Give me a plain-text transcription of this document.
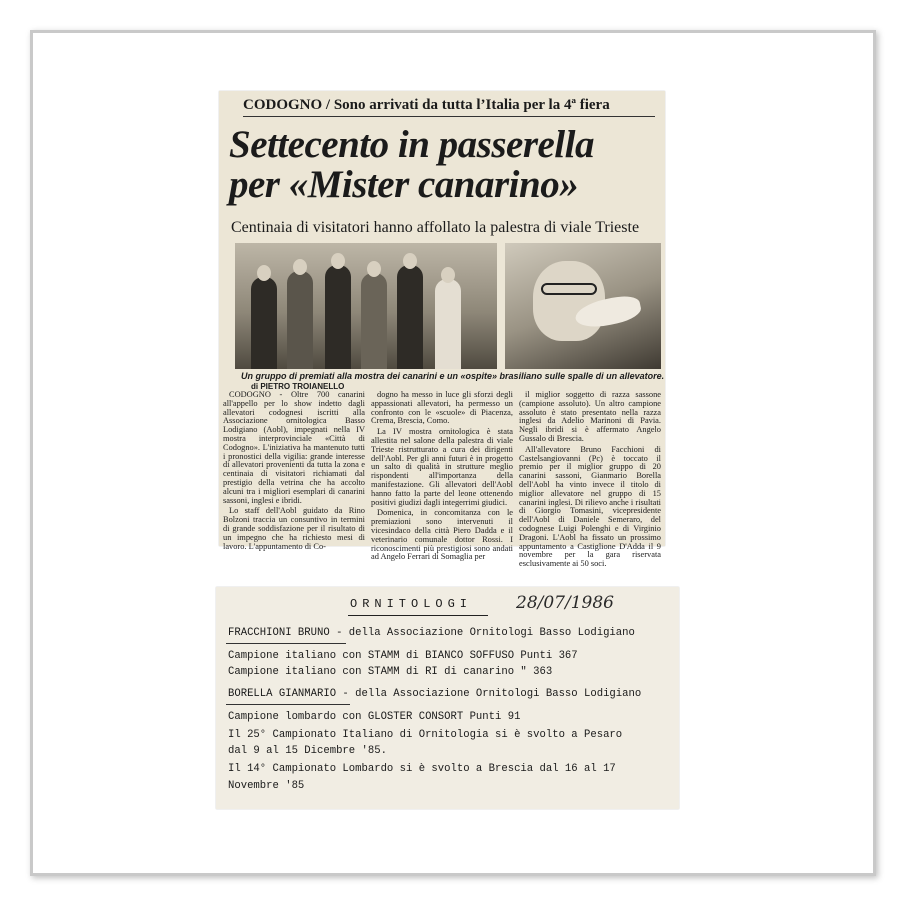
CODOGNO / Sono arrivati da tutta l’Italia per la 4ª fiera
Settecento in passerella
per «Mister canarino»
Centinaia di visitatori hanno affollato la palestra di viale Trieste
Un gruppo di premiati alla mostra dei canarini e un «ospite» brasiliano sulle spalle di un allevatore.
di PIETRO TROIANELLO

CODOGNO - Oltre 700 canarini all'appello per lo show indetto dagli allevatori codognesi iscritti alla Associazione ornitologica Basso Lodigiano (Aobl), impegnati nella IV mostra interprovinciale «Città di Codogno». L'iniziativa ha mantenuto tutti i pronostici della vigilia: grande interesse di allevatori provenienti da tutta la zona e centinaia di visitatori richiamati dal prestigio della vetrina che ha accolto alcuni tra i migliori esemplari di canarini sassoni, inglesi e ibridi.

Lo staff dell'Aobl guidato da Rino Bolzoni traccia un consuntivo in termini di grande soddisfazione per il risultato di un impegno che ha richiesto mesi di lavoro. L'appuntamento di Co-

dogno ha messo in luce gli sforzi degli appassionati allevatori, ha permesso un confronto con le «scuole» di Piacenza, Crema, Brescia, Como.

La IV mostra ornitologica è stata allestita nel salone della palestra di viale Trieste ristrutturato a cura dei dirigenti dell'Aobl. Per gli anni futuri è in progetto un salto di qualità in strutture meglio rispondenti all'importanza della manifestazione. Gli allevatori dell'Aobl hanno fatto la parte del leone ottenendo positivi giudizi dagli integerrimi giudici.

Domenica, in concomitanza con le premiazioni sono intervenuti il vicesindaco della città Piero Dadda e il veterinario comunale dottor Rossi. I riconoscimenti più prestigiosi sono andati ad Angelo Ferrari di Somaglia per

il miglior soggetto di razza sassone (campione assoluto). Un altro campione assoluto è stato presentato nella razza inglesi da Adelio Marinoni di Pavia. Negli ibridi si è affermato Angelo Gussalo di Brescia.

All'allevatore Bruno Facchioni di Castelsangiovanni (Pc) è toccato il premio per il miglior gruppo di 20 canarini sassoni, Gianmario Borella dell'Aobl ha vinto invece il titolo di miglior allevatore nel gruppo di 15 canarini inglesi. Di rilievo anche i risultati di Giorgio Tomasini, vicepresidente dell'Aobl di Daniele Semeraro, del codognese Luigi Polenghi e di Virginio Dragoni. L'Aobl ha fissato un prossimo appuntamento a Castiglione D'Adda il 9 novembre per la gara riservata esclusivamente ai 50 soci.

ORNITOLOGI	28/07/1986
FRACCHIONI BRUNO - della Associazione Ornitologi Basso Lodigiano
Campione italiano con STAMM di BIANCO SOFFUSO Punti 367
Campione italiano con STAMM di RI di canarino " 363
BORELLA GIANMARIO - della Associazione Ornitologi Basso Lodigiano
Campione lombardo con GLOSTER CONSORT Punti 91
Il 25° Campionato Italiano di Ornitologia si è svolto a Pesaro
dal 9 al 15 Dicembre '85.
Il 14° Campionato Lombardo si è svolto a Brescia dal 16 al 17
Novembre '85
